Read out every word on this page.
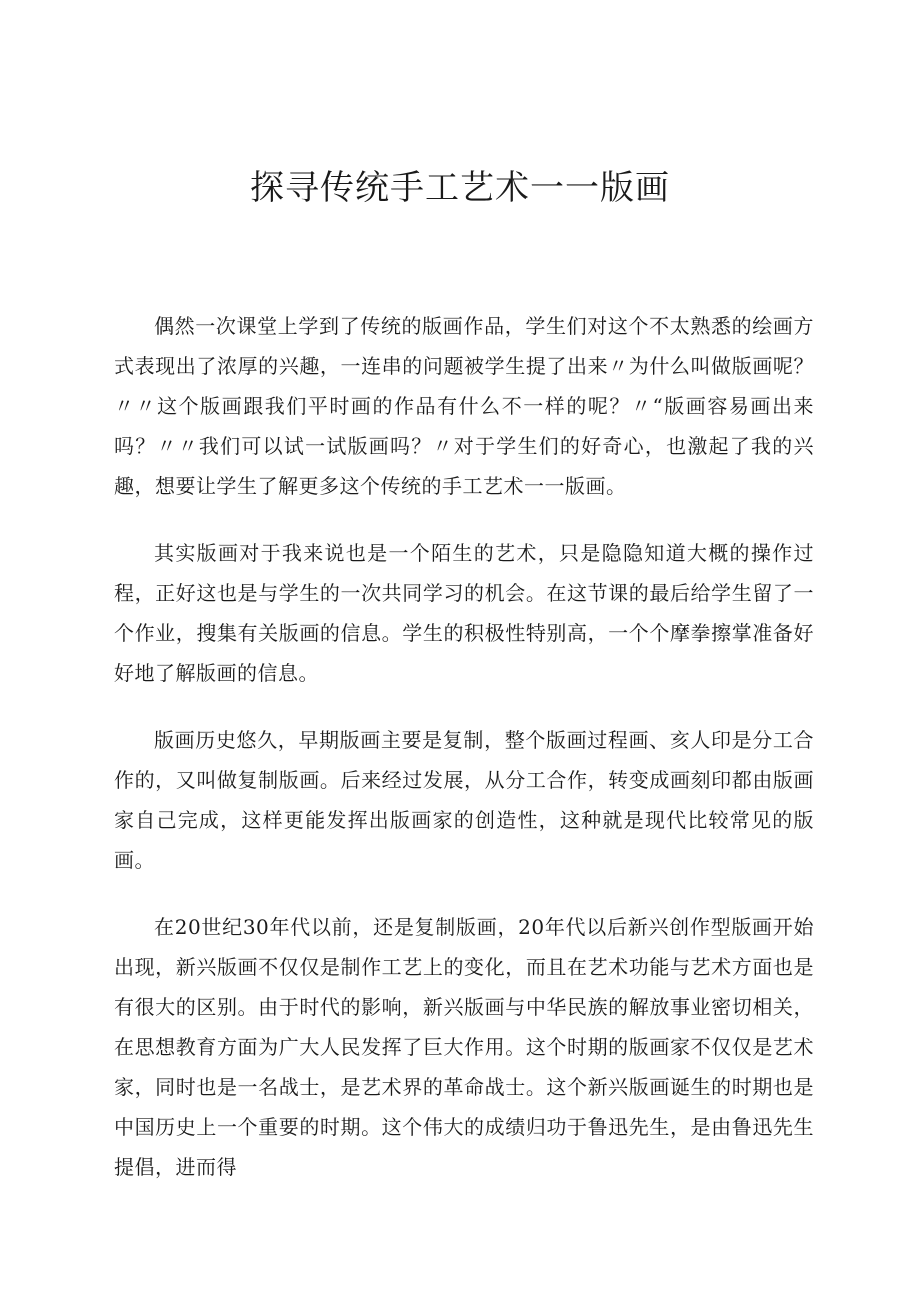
探寻传统手工艺术一一版画

偶然一次课堂上学到了传统的版画作品，学生们对这个不太熟悉的绘画方式表现出了浓厚的兴趣，一连串的问题被学生提了出来〃为什么叫做版画呢？〃〃这个版画跟我们平时画的作品有什么不一样的呢？〃“版画容易画出来吗？〃〃我们可以试一试版画吗？〃对于学生们的好奇心，也激起了我的兴趣，想要让学生了解更多这个传统的手工艺术一一版画。

其实版画对于我来说也是一个陌生的艺术，只是隐隐知道大概的操作过程，正好这也是与学生的一次共同学习的机会。在这节课的最后给学生留了一个作业，搜集有关版画的信息。学生的积极性特别高，一个个摩拳擦掌准备好好地了解版画的信息。

版画历史悠久，早期版画主要是复制，整个版画过程画、亥人印是分工合作的，又叫做复制版画。后来经过发展，从分工合作，转变成画刻印都由版画家自己完成，这样更能发挥出版画家的创造性，这种就是现代比较常见的版画。

在20世纪30年代以前，还是复制版画，20年代以后新兴创作型版画开始出现，新兴版画不仅仅是制作工艺上的变化，而且在艺术功能与艺术方面也是有很大的区别。由于时代的影响，新兴版画与中华民族的解放事业密切相关，在思想教育方面为广大人民发挥了巨大作用。这个时期的版画家不仅仅是艺术家，同时也是一名战士，是艺术界的革命战士。这个新兴版画诞生的时期也是中国历史上一个重要的时期。这个伟大的成绩归功于鲁迅先生，是由鲁迅先生提倡，进而得
